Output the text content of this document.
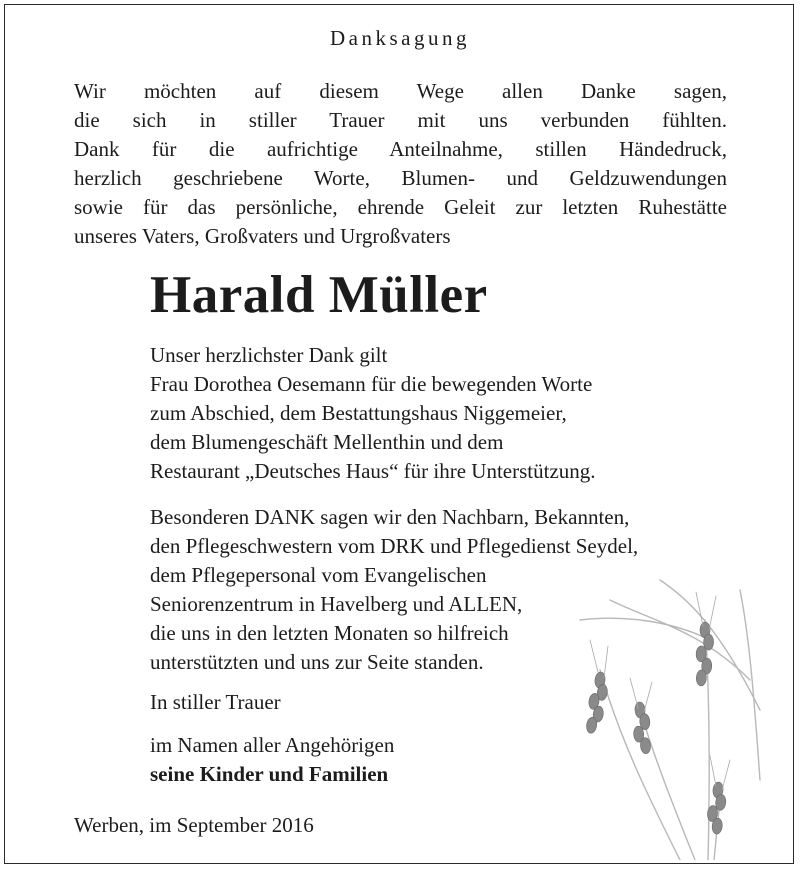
Danksagung
Wir möchten auf diesem Wege allen Danke sagen,
die sich in stiller Trauer mit uns verbunden fühlten.
Dank für die aufrichtige Anteilnahme, stillen Händedruck,
herzlich geschriebene Worte, Blumen- und Geldzuwendungen
sowie für das persönliche, ehrende Geleit zur letzten Ruhestätte
unseres Vaters, Großvaters und Urgroßvaters
Harald Müller
Unser herzlichster Dank gilt
Frau Dorothea Oesemann für die bewegenden Worte
zum Abschied, dem Bestattungshaus Niggemeier,
dem Blumengeschäft Mellenthin und dem
Restaurant „Deutsches Haus“ für ihre Unterstützung.
Besonderen DANK sagen wir den Nachbarn, Bekannten,
den Pflegeschwestern vom DRK und Pflegedienst Seydel,
dem Pflegepersonal vom Evangelischen
Seniorenzentrum in Havelberg und ALLEN,
die uns in den letzten Monaten so hilfreich
unterstützten und uns zur Seite standen.
In stiller Trauer
im Namen aller Angehörigen
seine Kinder und Familien
Werben, im September 2016
